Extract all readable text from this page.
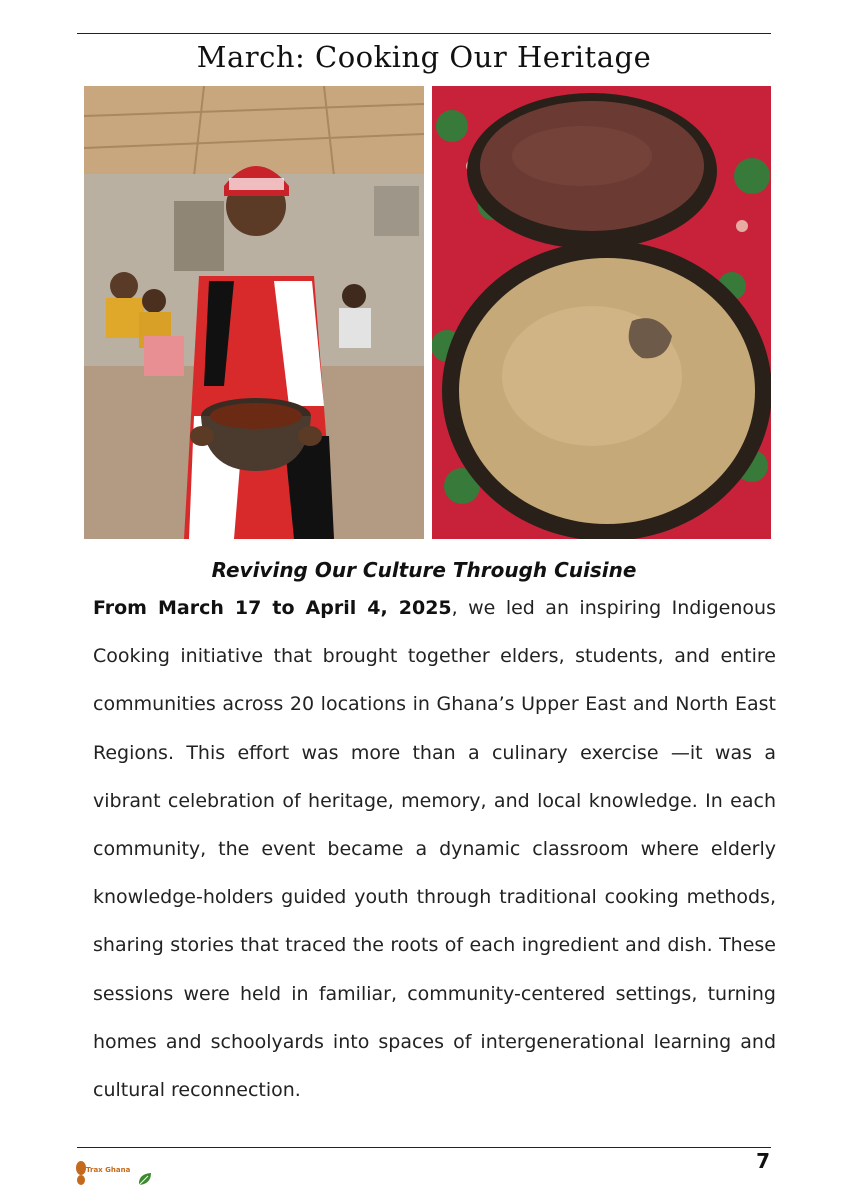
March: Cooking Our Heritage
Reviving Our Culture Through Cuisine

From March 17 to April 4, 2025, we led an inspiring Indigenous Cooking initiative that brought together elders, students, and entire communities across 20 locations in Ghana’s Upper East and North East Regions. This effort was more than a culinary exercise —it was a vibrant celebration of heritage, memory, and local knowledge. In each community, the event became a dynamic classroom where elderly knowledge-holders guided youth through traditional cooking methods, sharing stories that traced the roots of each ingredient and dish. These sessions were held in familiar, community-centered settings, turning homes and schoolyards into spaces of intergenerational learning and cultural reconnection.

7
Trax Ghana
